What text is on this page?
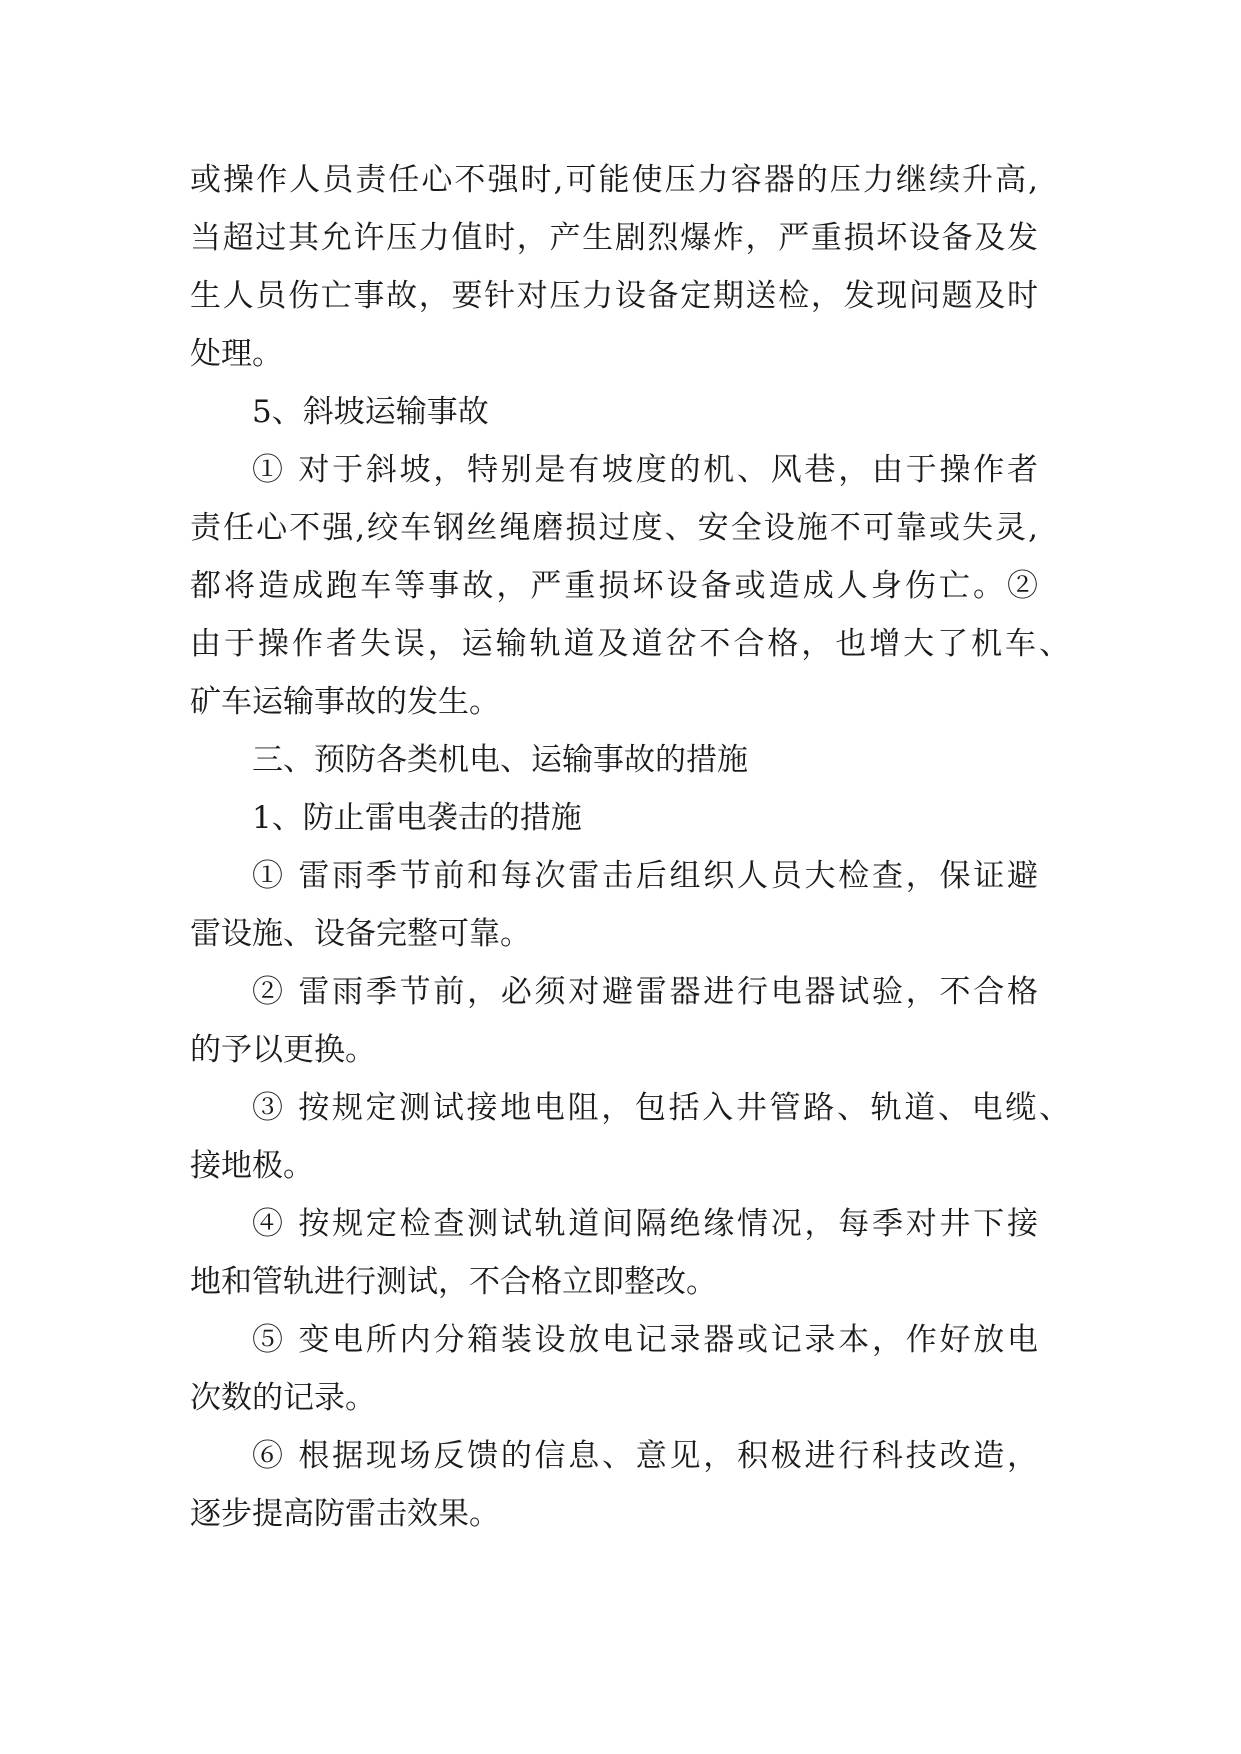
或操作人员责任心不强时,可能使压力容器的压力继续升高,

当超过其允许压力值时，产生剧烈爆炸，严重损坏设备及发

生人员伤亡事故，要针对压力设备定期送检，发现问题及时

处理。

5、斜坡运输事故

① 对于斜坡，特别是有坡度的机、风巷，由于操作者

责任心不强,绞车钢丝绳磨损过度、安全设施不可靠或失灵,

都将造成跑车等事故，严重损坏设备或造成人身伤亡。②

由于操作者失误，运输轨道及道岔不合格，也增大了机车、

矿车运输事故的发生。

三、预防各类机电、运输事故的措施

1、防止雷电袭击的措施

① 雷雨季节前和每次雷击后组织人员大检查，保证避

雷设施、设备完整可靠。

② 雷雨季节前，必须对避雷器进行电器试验，不合格

的予以更换。

③ 按规定测试接地电阻，包括入井管路、轨道、电缆、

接地极。

④ 按规定检查测试轨道间隔绝缘情况，每季对井下接

地和管轨进行测试，不合格立即整改。

⑤ 变电所内分箱装设放电记录器或记录本，作好放电

次数的记录。

⑥ 根据现场反馈的信息、意见，积极进行科技改造，

逐步提高防雷击效果。
